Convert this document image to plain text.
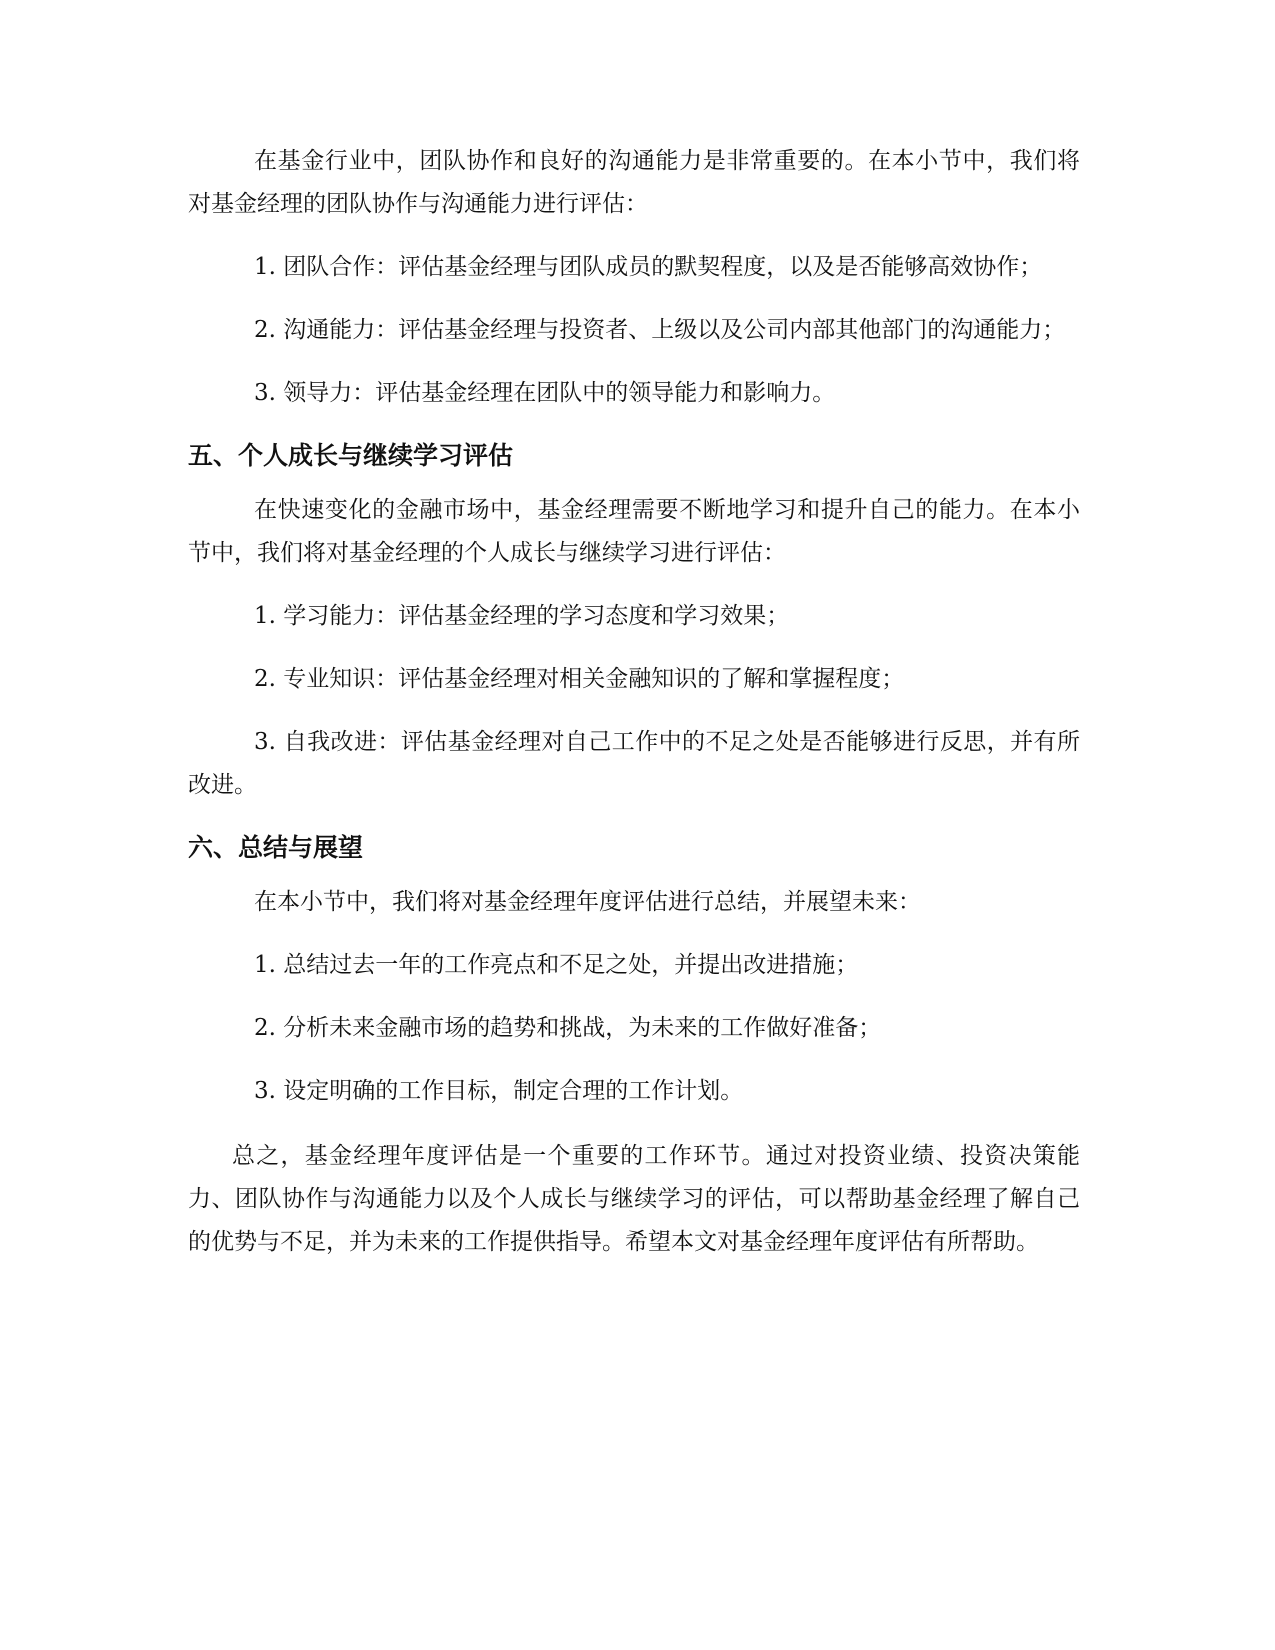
在基金行业中，团队协作和良好的沟通能力是非常重要的。在本小节中，我们将对基金经理的团队协作与沟通能力进行评估：

1. 团队合作：评估基金经理与团队成员的默契程度，以及是否能够高效协作；

2. 沟通能力：评估基金经理与投资者、上级以及公司内部其他部门的沟通能力；

3. 领导力：评估基金经理在团队中的领导能力和影响力。

五、个人成长与继续学习评估

在快速变化的金融市场中，基金经理需要不断地学习和提升自己的能力。在本小节中，我们将对基金经理的个人成长与继续学习进行评估：

1. 学习能力：评估基金经理的学习态度和学习效果；

2. 专业知识：评估基金经理对相关金融知识的了解和掌握程度；

3. 自我改进：评估基金经理对自己工作中的不足之处是否能够进行反思，并有所改进。

六、总结与展望

在本小节中，我们将对基金经理年度评估进行总结，并展望未来：

1. 总结过去一年的工作亮点和不足之处，并提出改进措施；

2. 分析未来金融市场的趋势和挑战，为未来的工作做好准备；

3. 设定明确的工作目标，制定合理的工作计划。

总之，基金经理年度评估是一个重要的工作环节。通过对投资业绩、投资决策能力、团队协作与沟通能力以及个人成长与继续学习的评估，可以帮助基金经理了解自己的优势与不足，并为未来的工作提供指导。希望本文对基金经理年度评估有所帮助。
